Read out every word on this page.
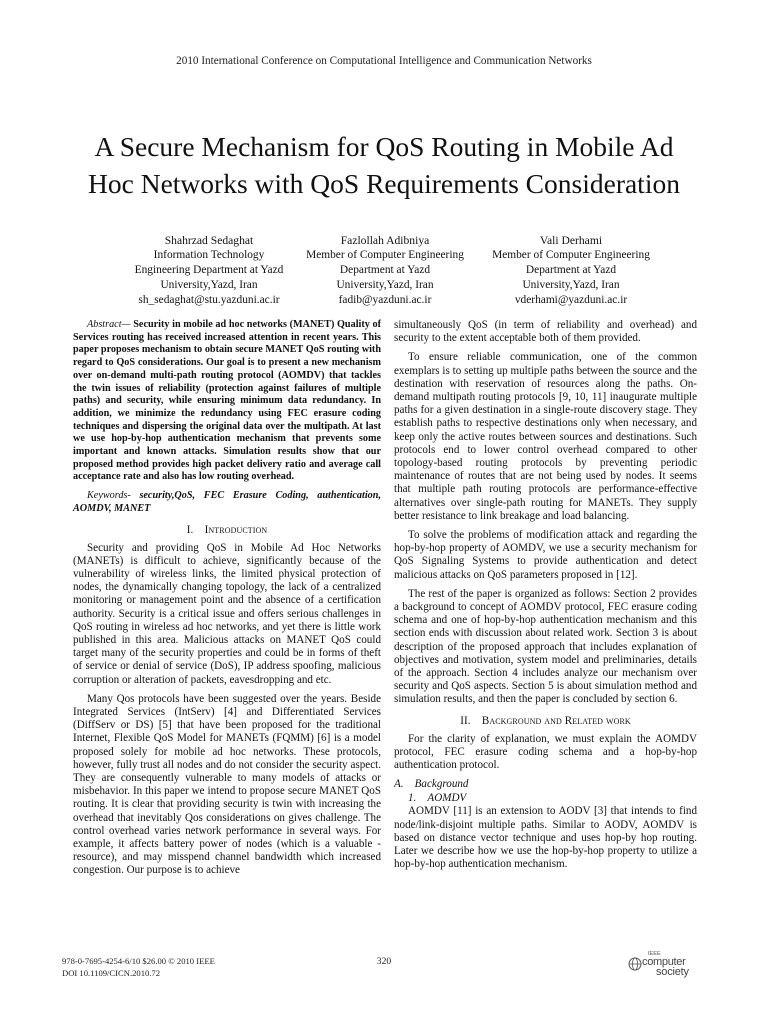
2010 International Conference on Computational Intelligence and Communication Networks
A Secure Mechanism for QoS Routing in Mobile Ad
Hoc Networks with QoS Requirements Consideration
Shahrzad Sedaghat
Information Technology
Engineering Department at Yazd
University,Yazd, Iran
sh_sedaghat@stu.yazduni.ac.ir
Fazlollah Adibniya
Member of Computer Engineering
Department at Yazd
University,Yazd, Iran
fadib@yazduni.ac.ir
Vali Derhami
Member of Computer Engineering
Department at Yazd
University,Yazd, Iran
vderhami@yazduni.ac.ir

Abstract— Security in mobile ad hoc networks (MANET) Quality of Services routing has received increased attention in recent years. This paper proposes mechanism to obtain secure MANET QoS routing with regard to QoS considerations. Our goal is to present a new mechanism over on-demand multi-path routing protocol (AOMDV) that tackles the twin issues of reliability (protection against failures of multiple paths) and security, while ensuring minimum data redundancy. In addition, we minimize the redundancy using FEC erasure coding techniques and dispersing the original data over the multipath. At last we use hop-by-hop authentication mechanism that prevents some important and known attacks. Simulation results show that our proposed method provides high packet delivery ratio and average call acceptance rate and also has low routing overhead.

Keywords- security,QoS, FEC Erasure Coding, authentication, AOMDV, MANET

I. Introduction

Security and providing QoS in Mobile Ad Hoc Networks (MANETs) is difficult to achieve, significantly because of the vulnerability of wireless links, the limited physical protection of nodes, the dynamically changing topology, the lack of a centralized monitoring or management point and the absence of a certification authority. Security is a critical issue and offers serious challenges in QoS routing in wireless ad hoc networks, and yet there is little work published in this area. Malicious attacks on MANET QoS could target many of the security properties and could be in forms of theft of service or denial of service (DoS), IP address spoofing, malicious corruption or alteration of packets, eavesdropping and etc.

Many Qos protocols have been suggested over the years. Beside Integrated Services (IntServ) [4] and Differentiated Services (DiffServ or DS) [5] that have been proposed for the traditional Internet, Flexible QoS Model for MANETs (FQMM) [6] is a model proposed solely for mobile ad hoc networks. These protocols, however, fully trust all nodes and do not consider the security aspect. They are consequently vulnerable to many models of attacks or misbehavior. In this paper we intend to propose secure MANET QoS routing. It is clear that providing security is twin with increasing the overhead that inevitably Qos considerations on gives challenge. The control overhead varies network performance in several ways. For example, it affects battery power of nodes (which is a valuable -resource), and may misspend channel bandwidth which increased congestion. Our purpose is to achieve

simultaneously QoS (in term of reliability and overhead) and security to the extent acceptable both of them provided.

To ensure reliable communication, one of the common exemplars is to setting up multiple paths between the source and the destination with reservation of resources along the paths. On-demand multipath routing protocols [9, 10, 11] inaugurate multiple paths for a given destination in a single-route discovery stage. They establish paths to respective destinations only when necessary, and keep only the active routes between sources and destinations. Such protocols end to lower control overhead compared to other topology-based routing protocols by preventing periodic maintenance of routes that are not being used by nodes. It seems that multiple path routing protocols are performance-effective alternatives over single-path routing for MANETs. They supply better resistance to link breakage and load balancing.

To solve the problems of modification attack and regarding the hop-by-hop property of AOMDV, we use a security mechanism for QoS Signaling Systems to provide authentication and detect malicious attacks on QoS parameters proposed in [12].

The rest of the paper is organized as follows: Section 2 provides a background to concept of AOMDV protocol, FEC erasure coding schema and one of hop-by-hop authentication mechanism and this section ends with discussion about related work. Section 3 is about description of the proposed approach that includes explanation of objectives and motivation, system model and preliminaries, details of the approach. Section 4 includes analyze our mechanism over security and QoS aspects. Section 5 is about simulation method and simulation results, and then the paper is concluded by section 6.

II. Background and Related work

For the clarity of explanation, we must explain the AOMDV protocol, FEC erasure coding schema and a hop-by-hop authentication protocol.

A. Background
1. AOMDV

AOMDV [11] is an extension to AODV [3] that intends to find node/link-disjoint multiple paths. Similar to AODV, AOMDV is based on distance vector technique and uses hop-by hop routing. Later we describe how we use the hop-by-hop property to utilize a hop-by-hop authentication mechanism.

978-0-7695-4254-6/10 $26.00 © 2010 IEEE
DOI 10.1109/CICN.2010.72
320
IEEE
computer
society
